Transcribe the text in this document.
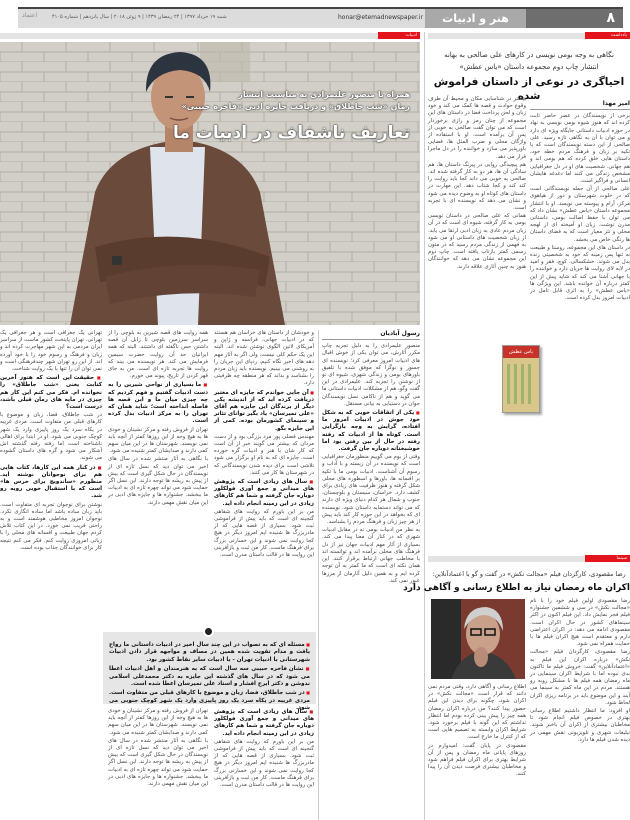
اعتماد	شنبه ۱۹ خرداد ۱۳۹۷ | ۲۴ رمضان ۱۴۳۹ | ۹ ژوئن ۲۰۱۸ | سال پانزدهم | شماره ۴۱۰۵	honar@etemadnewspaper.ir	هنر و ادبیات	۸
ادبیات
همراه با منصور علیمرادی به مناسبت انتشار
رمان «شب جاطلاق» و دریافت جایزه ادبی «فاخره حبیبی»
تعاریف ناشفاف در ادبیات ما
رسول آبادیان

منصور علیمرادی را به دلیل تجربه چاپ مکرر آثارش، می توان یکی از خوش اقبال های ادبیات امروز معرفی کرد؛ نویسنده ای جسور و نوگرا که موفق شده با تلفیق باورهای بومی و زندگی شهری، شیوه ای نو از نوشتن را تجربه کند. علیمرادی در این گفت وگو، هم از مشکلات ادبیات داستانی ما می گوید و هم از ناکامی نسل نویسندگان جوان در دستیابی به بیانی مستقل.

■ یکی از اتفاقات خوبی که به شکل خود جوش در ادبیات امروز ما افتاده، گرایش به وجه بازگرایی است. کوتاه ها از ادبیات که رفته رفته در حال از بین رفتن بود اما خوشبختانه دوباره جان گرفت.

وقتی از بوم می گوییم منظورمان جغرافیایی است که نویسنده در آن زیسته و با آداب و رسوم آن آشناست. ادبیات بومی ما با تکیه بر افسانه ها، باورها و اسطوره های محلی شکل گرفته و هنوز ظرفیت های زیادی برای کشف دارد. خراسان، سیستان و بلوچستان، جنوب و شمال هر کدام دنیای ویژه ای دارند که می تواند دستمایه داستان شود. نویسنده ای که بخواهد در این حوزه کار کند باید پیش از هر چیز زبان و فرهنگ مردم را بشناسد.

به نظر من ادبیات بومی نه در مقابل ادبیات شهری که در کنار آن معنا پیدا می کند. بسیاری از آثار مهم ادبیات جهان نیز از دل فرهنگ های محلی برآمده اند و توانسته اند با مخاطب جهانی ارتباط برقرار کنند. این همان نکته ای است که ما کمتر به آن توجه کرده ایم و به همین دلیل آثارمان از مرزها عبور نمی کند.

و خودشان از داستان های خراسان هم هستند که در ادبیات جهانی، فرانسه و ژاپن و آمریکای لاتین الگوی نوشتن شده اند. البته این یک حکم کلی نیست، ولی اگر به آثار مهم دهه های اخیر نگاه کنیم، ردپای این جریان را به روشنی می بینیم. نویسنده باید زبان مردم را بشناسد و بداند که هر منطقه چه ظرفیتی دارد.

■ آن جایی خواندم که جایزه ای معتبر دریافت کرده اید که از اندیشه یکی دیگر از برندگان این جایزه هم آقای «علی تمیرسان» یاد بگیر توانای تئاتر و سینمای کشورمان بوده. کمی از این جایزه بگو.

مهندس فضلی پور مرد بزرگی بود و از دست مردان که بیشتر می گویند خبر از آن است که کار شان با هنر و ادبیات گره خورده است. جایزه ای که به نام او برگزار می شود تلاشی است برای دیده شدن نویسندگانی که در شهرستان ها کار می کنند.

■ سال های زیادی است که پژوهش های میدانی و جمع آوری فولکلور دوباره جان گرفته و شما هم کارهای زیادی در این زمینه انجام داده اید.

من بر این باورم که روایت های شفاهی گنجینه ای است که باید پیش از فراموشی ثبت شود. بسیاری از قصه هایی که از مادربزرگ ها شنیده ایم امروز دیگر در هیچ کجا روایت نمی شوند و این خسارتی بزرگ برای فرهنگ ماست. کار من ثبت و بازآفرینی این روایت ها در قالب داستان مدرن است.

■ سال های زیادی است که پژوهش های میدانی و جمع آوری فولکلور دوباره جان گرفته و شما هم کارهای زیادی در این زمینه انجام داده اید.

من بر این باورم که روایت های شفاهی گنجینه ای است که باید پیش از فراموشی ثبت شود. بسیاری از قصه هایی که از مادربزرگ ها شنیده ایم امروز دیگر در هیچ کجا روایت نمی شوند و این خسارتی بزرگ برای فرهنگ ماست. کار من ثبت و بازآفرینی این روایت ها در قالب داستان مدرن است.

همه روایت های قصه شیرین به بلوچی را از سراسر سرزمین بلوچی تا زابل آن قصه داشتن حس ناگفته ای داشتند. البته که همه ایرانیان حد آن روایت حضرت سیمین فرمایش می کند. هر نویسنده می بیند که روایت ها تجربه تازه ای است. من به جای قهر کردن از تاریخ، پیوند می خورم.

■ ما بسیاری از نواحی شیرین را به دست ادبیات گفتیم و فهم کردیم که چه چیزی میان ما و این قصه ها فاصله انداخته است؛ شاید همان که تهران را به مرکز ادبیات بدل کرده است.

تهران از فروش رفته و مرکز نشینان و خودی ها به هیچ وجه از این روزها کمتر از آنچه باید نمی نویسند. شهرستان ها در این میان سهم کمی دارند و صدایشان کمتر شنیده می شود.

با نگاهی به آثار منتشر شده در سال های اخیر می توان دید که نسل تازه ای از نویسندگان در حال شکل گیری است که بیش از پیش به ریشه ها توجه دارند. این نسل اگر حمایت شود می تواند چهره تازه ای به ادبیات ما ببخشد. جشنواره ها و جایزه های ادبی در این میان نقش مهمی دارند.

تهران از فروش رفته و مرکز نشینان و خودی ها به هیچ وجه از این روزها کمتر از آنچه باید نمی نویسند. شهرستان ها در این میان سهم کمی دارند و صدایشان کمتر شنیده می شود.

با نگاهی به آثار منتشر شده در سال های اخیر می توان دید که نسل تازه ای از نویسندگان در حال شکل گیری است که بیش از پیش به ریشه ها توجه دارند. این نسل اگر حمایت شود می تواند چهره تازه ای به ادبیات ما ببخشد. جشنواره ها و جایزه های ادبی در این میان نقش مهمی دارند.

تهرانی یک جغرافی است و هر جغرافی یک تهرانی. تهران پایتخت کشور ماست از سراسر ایران مردمی به این شهر مهاجرت کرده اند و زبان و فرهنگ و رسوم خود را با خود آورده اند. از این رو تهران شهر چندفرهنگی است و نمی توان آن را تنها با یک روایت شناخت.

■ حقیقت این است که هنوز آخرین کتابت یعنی «شب جاطلاق» را نخوانده ام. فکر می کنم این کار هم چیزی در مایه های رمان قبلی باشد، درست است؟

در شب جاطلاق، فضا، زبان و موضوع با کارهای قبلی من متفاوت است. مردی غریبه در یکاه سرد یک روز پاییزی وارد یک شهر کوچک جنوبی می شود. او در ابتدا برای اهالی ناشناخته است اما رفته رفته گذشته اش آشکار می شود و گره های داستان گشوده می شوند.

■ در کنار همه این کارها، کتاب هایی هم برای نوجوانان نوشته اید. منظورم «ساندویچ برای خرس ها» است که با استقبال خوبی روبه رو شد.

نوشتن برای نوجوان تجربه ای متفاوت است. باید زبان ساده باشد اما ساده انگاری نکرد. نوجوان امروز مخاطبی هوشمند است و به راحتی فریب نمی خورد. در این کتاب تلاش کردم جهان طبیعت و افسانه های محلی را با زبانی امروزی روایت کنم. فکر می کنم نتیجه کار برای خوانندگان جذاب بوده است.

■ مسئله ای که به تصواب در این چند سال اخیر در ادبیات داستانی ما رواج یافت و مدام تقویت شده همین در مصاف و مواجهه قرار دادن ادبیات شهرستانی با ادبیات تهران - با ادبیات سایر نقاط کشور بود.

■ نشان فاخره حبیبی سه سال است که به هنرمندان و اهل ادبیات اعطا می شود که در سال های گذشته این جایزه به دکتر محمدعلی اسلامی ندوشن و دکتر ایرج افشار و استاد علی تمیرسان اعطا شده است.

■ در شب جاطلاق، فضا، زبان و موضوع با کارهای قبلی من متفاوت است. مردی غریبه در یکاه سرد یک روز پاییزی وارد یک شهر کوچک جنوبی می شود.

یادداشت
نگاهی به وجه بومی نویسی در کارهای علی صالحی به بهانه
انتشار چاپ دوم مجموعه داستان «یاس عطش»
احیاگری در نوعی از داستان فراموش شده
امیر مهدا

برخی از نویسندگان در عصر حاضر ثابت کرده اند که هنوز شیوه بومی نویسی به نهاد در حوزه ادبیات داستانی جایگاه ویژه ای دارد و می توان با آن به نگاهی تازه رسید. علی صالحی از این دسته نویسندگان است که با تکیه بر زبان و فرهنگ مردم خطه خود، داستان هایی خلق کرده که هم بومی اند و هم جهانی. شخصیت های او در دل جغرافیایی مشخص زندگی می کنند اما دغدغه هایشان انسانی و فراگیر است.

علی صالحی از آن جمله نویسندگانی است که در خلوت شهرستان و دور از هیاهوی مرکز، آرام و پیوسته می نویسد. او با انتشار مجموعه داستان «یاس عطش» نشان داد که می توان با حفظ اصالت بومی، داستانی مدرن نوشت. زبان او آمیخته ای از لهجه محلی و نثر معیار است که به فضای داستان ها رنگی خاص می بخشد.

در داستان های این مجموعه، روستا و طبیعت نه تنها پس زمینه که خود به شخصیتی زنده بدل می شوند. خشکسالی، کوچ، فقر و امید در لابه لای روایت ها جریان دارد و خواننده را با جهانی آشنا می کند که شاید پیش از این کمتر درباره آن خوانده باشد. این ویژگی ها «یاس عطش» را به اثری قابل تامل در ادبیات امروز بدل کرده است.

بیشتر در شناسایی مکان و محیط آن طرف وقوع حوادث و قصه ها کمک می کند و خود زبان و لحن پرداخت فضا در داستان های این مجموعه از چنان رمز و رازی برخوردار است که می توان گفت صالحی به خوبی از پس آن برآمده است. او با استفاده از واژگان محلی و ضرب المثل ها، فضایی باورپذیر می سازد و خواننده را در دل ماجرا قرار می دهد.

هم پیچیدگی روایی در پیرنگ داستان ها، هم سادگی آن ها، هر دو به کار گرفته شده اند. صالحی به خوبی می داند کجا باید روایت را کند کند و کجا شتاب دهد. این مهارت در داستان های کوتاه او به وضوح دیده می شود و نشان می دهد که نویسنده ای با تجربه است.

همانی که علی صالحی در داستان نویسی بومی به کار گرفته، شیوه ای است که در آن زبان مردم عادی به زبان ادبی ارتقا می یابد. از زبان شخصیت های داستانی او می شود به فهمی از زندگی مردم رسید که در متون رسمی کمتر بازتاب یافته است. چاپ دوم این مجموعه نشان می دهد که خوانندگان هنوز به چنین آثاری علاقه دارند.

یاس عطش
سینما
رضا مقصودی، کارگردان فیلم «مجالت نکش» در گفت و گو با اعتمادآنلاین:
اکران ماه رمضان نیاز به اطلاع رسانی و آگاهی دارد

رضا مقصودی اولین فیلم خود را با نام «مجالت نکش» در سی و ششمین جشنواره فیلم فجر نمایش داد. این فیلم اکنون در اکثر سینماهای کشور در حال اکران است. مقصودی ادامه می دهد: در اکران اعتراضی دارم و معتقدم است هیچ اکران فیلم ها با حمایت همراه نمی شود.

رضا مقصودی، کارگردان فیلم «مجالت نکش» درباره اکران این فیلم به «اعتمادآنلاین» گفت: خروش فیلم ما تاکنون بدی نبوده اما با شرایط اکران سینمایی در ماه رمضان همه فیلم ها با مشکل روبه رو هستند. مردم در این ماه کمتر به سینما می آیند و این موضوع باید در برنامه ریزی اکران لحاظ شود.

او افزود: ما انتظار داشتیم اطلاع رسانی بهتری در خصوص فیلم انجام شود تا مخاطبان بیشتری از اکران آن باخبر شوند. تبلیغات شهری و تلویزیونی نقش مهمی در دیده شدن فیلم ها دارد.

اطلاع رسانی و آگاهی دارد، وقتی مردم نمی دانند که قرار است «مجالت نکش» در اکران شود، چگونه برای دیدن این فیلم حضور پیدا کنند؟ من درباره اکران رمضان همه چیز را پیش بینی کرده بودم اما انتظار نداشتم که این گونه با فیلم برخورد شود. شرایط اکران وابسته به تصمیم هایی است که از کنترل ما خارج است.

مقصودی در پایان گفت: امیدوارم در روزهای پایانی ماه رمضان و پس از آن شرایط بهتری برای اکران فیلم فراهم شود و مخاطبان بیشتری فرصت دیدن آن را پیدا کنند.
